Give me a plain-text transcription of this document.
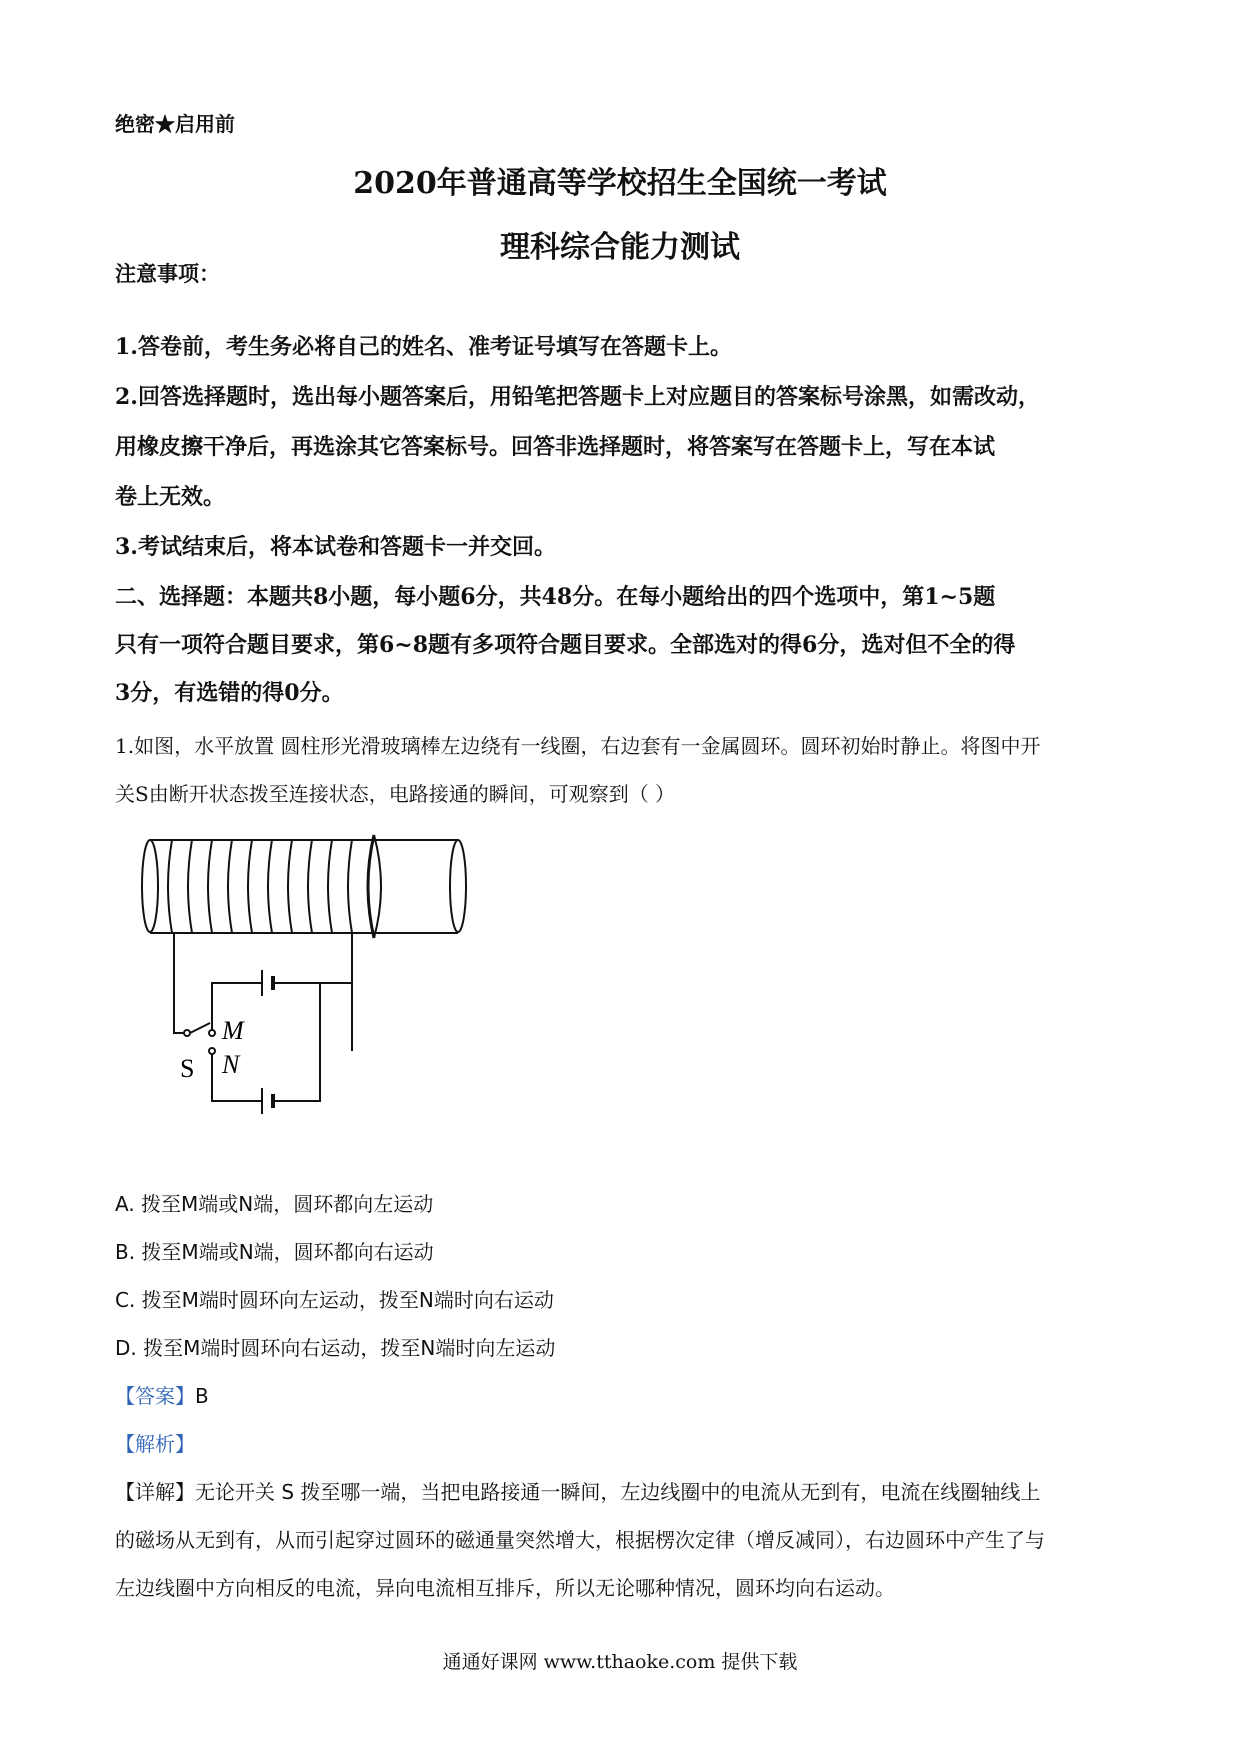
绝密★启用前
2020年普通高等学校招生全国统一考试
理科综合能力测试
注意事项：
1.答卷前，考生务必将自己的姓名、准考证号填写在答题卡上。
2.回答选择题时，选出每小题答案后，用铅笔把答题卡上对应题目的答案标号涂黑，如需改动，
用橡皮擦干净后，再选涂其它答案标号。回答非选择题时，将答案写在答题卡上，写在本试
卷上无效。
3.考试结束后，将本试卷和答题卡一并交回。
二、选择题：本题共8小题，每小题6分，共48分。在每小题给出的四个选项中，第1~5题
只有一项符合题目要求，第6~8题有多项符合题目要求。全部选对的得6分，选对但不全的得
3分，有选错的得0分。
1.如图，水平放置 圆柱形光滑玻璃棒左边绕有一线圈，右边套有一金属圆环。圆环初始时静止。将图中开
关S由断开状态拨至连接状态，电路接通的瞬间，可观察到（ ）
M
N
S
A. 拨至M端或N端，圆环都向左运动
B. 拨至M端或N端，圆环都向右运动
C. 拨至M端时圆环向左运动，拨至N端时向右运动
D. 拨至M端时圆环向右运动，拨至N端时向左运动
【答案】B
【解析】
【详解】无论开关 S 拨至哪一端，当把电路接通一瞬间，左边线圈中的电流从无到有，电流在线圈轴线上
的磁场从无到有，从而引起穿过圆环的磁通量突然增大，根据楞次定律（增反减同），右边圆环中产生了与
左边线圈中方向相反的电流，异向电流相互排斥，所以无论哪种情况，圆环均向右运动。
通通好课网 www.tthaoke.com 提供下载
